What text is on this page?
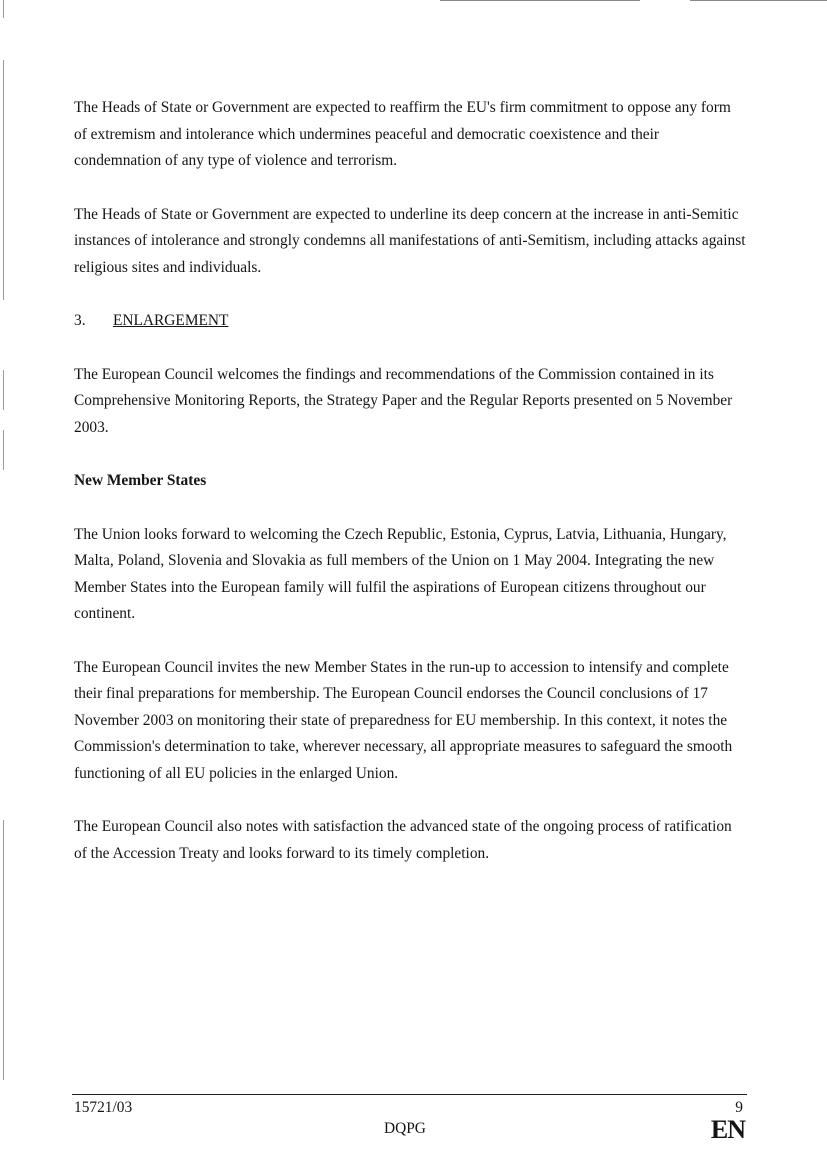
The Heads of State or Government are expected to reaffirm the EU's firm commitment to oppose any form of extremism and intolerance which undermines peaceful and democratic coexistence and their condemnation of any type of violence and terrorism.

The Heads of State or Government are expected to underline its deep concern at the increase in anti-Semitic instances of intolerance and strongly condemns all manifestations of anti-Semitism, including attacks against religious sites and individuals.

3. ENLARGEMENT

The European Council welcomes the findings and recommendations of the Commission contained in its Comprehensive Monitoring Reports, the Strategy Paper and the Regular Reports presented on 5 November 2003.

New Member States

The Union looks forward to welcoming the Czech Republic, Estonia, Cyprus, Latvia, Lithuania, Hungary, Malta, Poland, Slovenia and Slovakia as full members of the Union on 1 May 2004. Integrating the new Member States into the European family will fulfil the aspirations of European citizens throughout our continent.

The European Council invites the new Member States in the run-up to accession to intensify and complete their final preparations for membership. The European Council endorses the Council conclusions of 17 November 2003 on monitoring their state of preparedness for EU membership. In this context, it notes the Commission's determination to take, wherever necessary, all appropriate measures to safeguard the smooth functioning of all EU policies in the enlarged Union.

The European Council also notes with satisfaction the advanced state of the ongoing process of ratification of the Accession Treaty and looks forward to its timely completion.

15721/03
DQPG
9
EN
